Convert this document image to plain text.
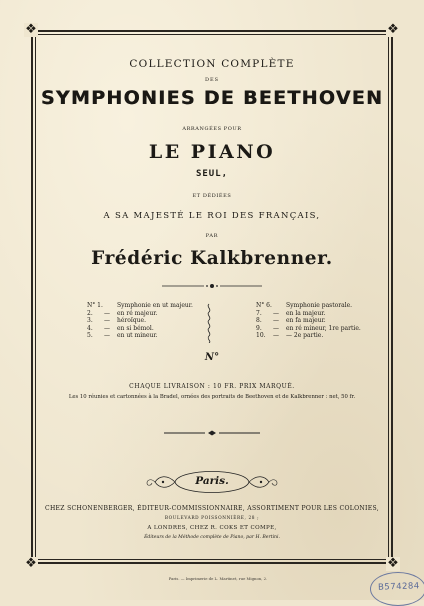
❖	❖
❖	❖
COLLECTION COMPLÈTE
DES
SYMPHONIES DE BEETHOVEN
ARRANGÉES POUR
LE PIANO
SEUL,
ET DÉDIÉES
A SA MAJESTÉ LE ROI DES FRANÇAIS,
PAR
Frédéric Kalkbrenner.
N° 1. Symphonie en ut majeur.
2.	—	en ré majeur.
3.	—	héroïque.
4.	—	en si bémol.
5.	—	en ut mineur.
N° 6. Symphonie pastorale.
7.	—	en la majeur.
8.	—	en fa majeur.
9.	—	en ré mineur, 1re partie.
10.	—	— 2e partie.
N°
CHAQUE LIVRAISON : 10 FR. PRIX MARQUÉ.
Les 10 réunies et cartonnées à la Bradel, ornées des portraits de Beethoven et de Kalkbrenner : net, 50 fr.
Paris.
CHEZ SCHONENBERGER, ÉDITEUR-COMMISSIONNAIRE, ASSORTIMENT POUR LES COLONIES,
BOULEVARD POISSONNIÈRE, 28 ;
A LONDRES, CHEZ R. COKS ET COMPE,
Éditeurs de la Méthode complète de Piano, par H. Bertini.
Paris. — Imprimerie de L. Martinet, rue Mignon, 2.
B574284
